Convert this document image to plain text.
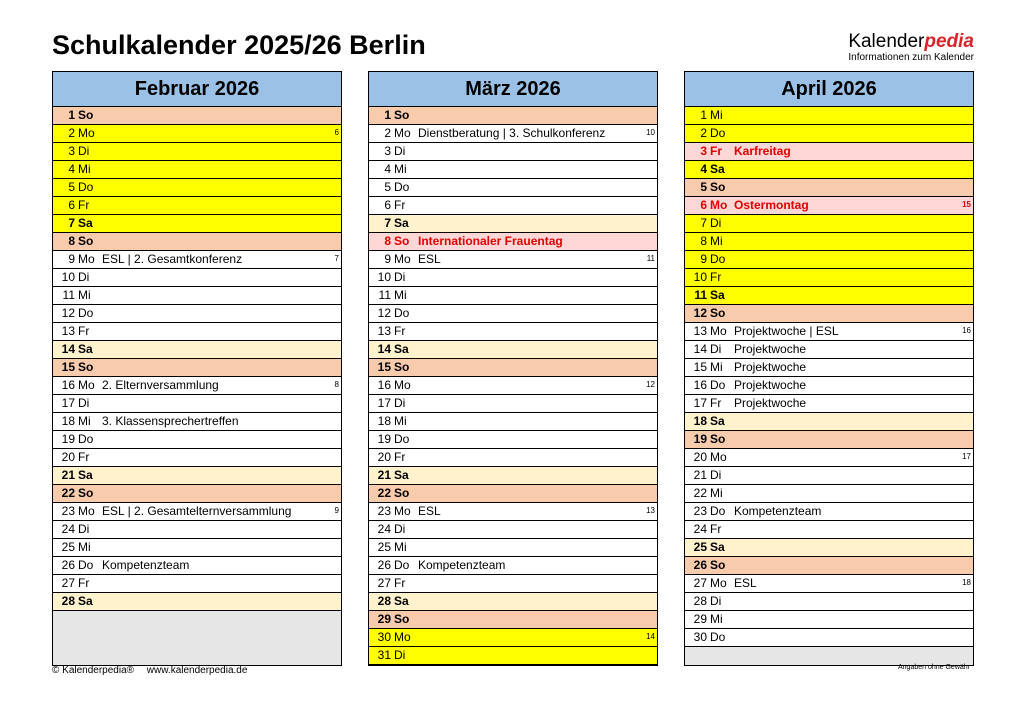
Schulkalender 2025/26 Berlin	Kalenderpedia
Informationen zum Kalender
Februar 2026
1 So
2 Mo	6
3 Di
4 Mi
5 Do
6 Fr
7 Sa
8 So
9 Mo ESL | 2. Gesamtkonferenz	7
10 Di
11 Mi
12 Do
13 Fr
14 Sa
15 So
16 Mo 2. Elternversammlung	8
17 Di
18 Mi 3. Klassensprechertreffen
19 Do
20 Fr
21 Sa
22 So
23 Mo ESL | 2. Gesamtelternversammlung	9
24 Di
25 Mi
26 Do Kompetenzteam
27 Fr
28 Sa
März 2026
1 So
2 Mo Dienstberatung | 3. Schulkonferenz	10
3 Di
4 Mi
5 Do
6 Fr
7 Sa
8 So Internationaler Frauentag
9 Mo ESL	11
10 Di
11 Mi
12 Do
13 Fr
14 Sa
15 So
16 Mo	12
17 Di
18 Mi
19 Do
20 Fr
21 Sa
22 So
23 Mo ESL	13
24 Di
25 Mi
26 Do Kompetenzteam
27 Fr
28 Sa
29 So
30 Mo	14
31 Di
April 2026
1 Mi
2 Do
3 Fr Karfreitag
4 Sa
5 So
6 Mo Ostermontag	15
7 Di
8 Mi
9 Do
10 Fr
11 Sa
12 So
13 Mo Projektwoche | ESL	16
14 Di Projektwoche
15 Mi Projektwoche
16 Do Projektwoche
17 Fr Projektwoche
18 Sa
19 So
20 Mo	17
21 Di
22 Mi
23 Do Kompetenzteam
24 Fr
25 Sa
26 So
27 Mo ESL	18
28 Di
29 Mi
30 Do
© Kalenderpedia® www.kalenderpedia.de	Angaben ohne Gewähr
